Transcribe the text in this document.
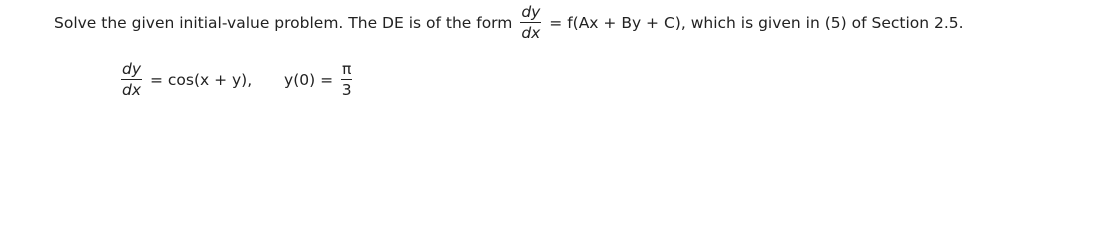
Solve the given initial-value problem. The DE is of the form $\frac{dy}{dx} = f(Ax + By + C)$, which is given in (5) of Section 2.5.
$\frac{dy}{dx} = \cos(x + y)$, $y(0) = \frac{\pi}{3}$
